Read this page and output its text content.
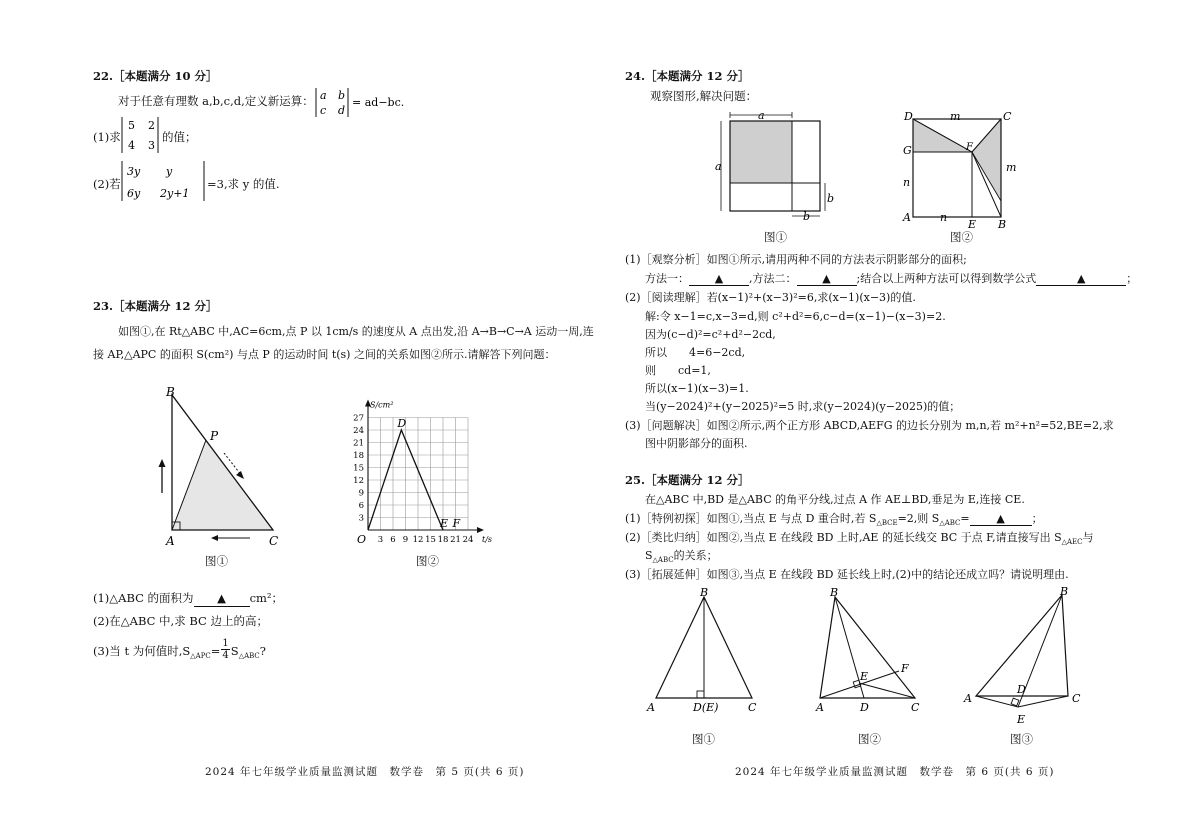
22.［本题满分 10 分］
对于任意有理数 a,b,c,d,定义新运算： a b
c d
= ad−bc.
(1)求
5 2
4 3
的值；
(2)若
3y y
6y 2y+1
=3,求 y 的值.
23.［本题满分 12 分］
如图①,在 Rt△ABC 中,AC=6cm,点 P 以 1cm/s 的速度从 A 点出发,沿 A→B→C→A 运动一周,连
接 AP,△APC 的面积 S(cm²) 与点 P 的运动时间 t(s) 之间的关系如图②所示.请解答下列问题：
B
P
A	C
图①
3
6
9
12
15
18
21
24
27
3 6 9 12 15 18 21 24
O
S/cm²
t/s
D
E F
图②
(1)△ABC 的面积为 ▲ cm²；
(2)在△ABC 中,求 BC 边上的高；
(3)当 t 为何值时$,S_{\triangle APC}= \frac{1}{4} S_{\triangle ABC}$?
2024 年七年级学业质量监测试题　数学卷　第 5 页(共 6 页)
24.［本题满分 12 分］
观察图形,解决问题：
a
a
b
b
图①
D	m	C
G	F
n
m
A	n
E B
图②
(1)［观察分析］如图①所示,请用两种不同的方法表示阴影部分的面积;
方法一： ▲ ,方法二： ▲ ;结合以上两种方法可以得到数学公式	▲	；
(2)［阅读理解］若(x−1)²+(x−3)²=6,求(x−1)(x−3)的值.
解:令 x−1=c,x−3=d,则 c²+d²=6,c−d=(x−1)−(x−3)=2.
因为(c−d)²=c²+d²−2cd,
所以　　4=6−2cd,
则　　cd=1,
所以(x−1)(x−3)=1.
当(y−2024)²+(y−2025)²=5 时,求(y−2024)(y−2025)的值；
(3)［问题解决］如图②所示,两个正方形 ABCD,AEFG 的边长分别为 m,n,若 m²+n²=52,BE=2,求
图中阴影部分的面积.
25.［本题满分 12 分］
在△ABC 中,BD 是△ABC 的角平分线,过点 A 作 AE⊥BD,垂足为 E,连接 CE.
(1)［特例初探］如图①,当点 E 与点 D 重合时,若 $S_{\triangle BCE}=2$,则 $S_{\triangle ABC}=$ ▲ ；
(2)［类比归纳］如图②,当点 E 在线段 BD 上时,AE 的延长线交 BC 于点 F,请直接写出 $S_{\triangle AEC}$与
$S_{\triangle ABC}$的关系；
(3)［拓展延伸］如图③,当点 E 在线段 BD 延长线上时,(2)中的结论还成立吗？请说明理由.
B
A	D(E)	C
图①
B
F
E
A	D	C
图②
B
A
D
C
E
图③
2024 年七年级学业质量监测试题　数学卷　第 6 页(共 6 页)
